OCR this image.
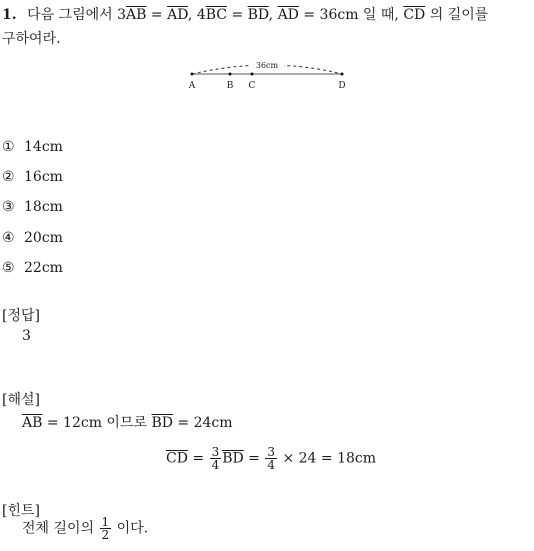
1. 다음 그림에서 $3\overline{AB} = \overline{AD}$, $4\overline{BC} = \overline{BD}$, $\overline{AD} = 36cm$ 일 때, $\overline{CD}$ 의 길이를
구하여라.
36cm
A	B C	D
① 14cm
② 16cm
③ 18cm
④ 20cm
⑤ 22cm
[정답]
3
[해설]
$\overline{AB} = 12cm$ 이므로 $\overline{BD} = 24cm$
$\overline{CD} = \frac{3}{4} \overline{BD} = \frac{3}{4} \times 24 = 18cm$
[힌트]
전체 길이의 $\frac{1}{2}$ 이다.
